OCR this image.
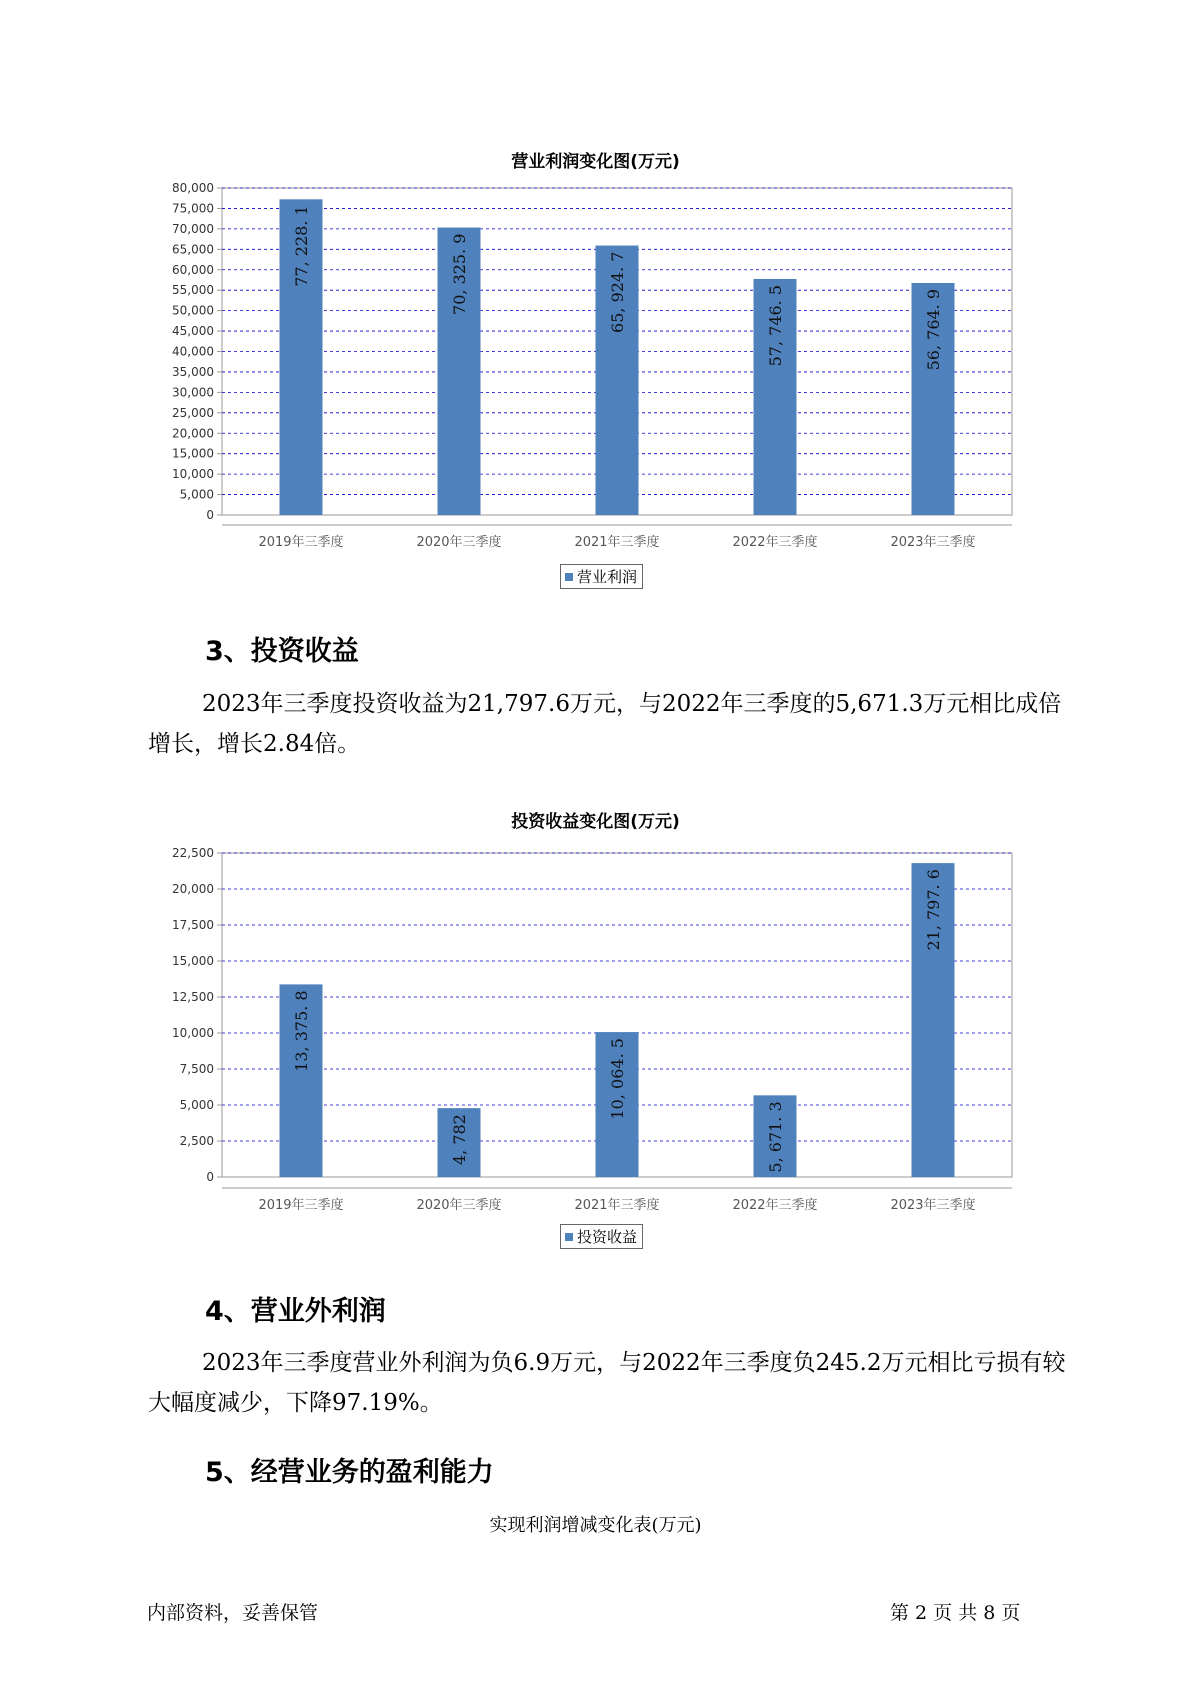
营业利润变化图(万元)
0
5,000
10,000
15,000
20,000
25,000
30,000
35,000
40,000
45,000
50,000
55,000
60,000
65,000
70,000
75,000
80,000
77, 228. 1
2019年三季度
70, 325. 9
2020年三季度
65, 924. 7
2021年三季度
57, 746. 5
2022年三季度
56, 764. 9
2023年三季度
营业利润
3、投资收益
2023年三季度投资收益为21,797.6万元，与2022年三季度的5,671.3万元相比成倍增长，增长2.84倍。
投资收益变化图(万元)
0
2,500
5,000
7,500
10,000
12,500
15,000
17,500
20,000
22,500
13, 375. 8
2019年三季度
4, 782
2020年三季度
10, 064. 5
2021年三季度
5, 671. 3
2022年三季度
21, 797. 6
2023年三季度
投资收益
4、营业外利润
2023年三季度营业外利润为负6.9万元，与2022年三季度负245.2万元相比亏损有较大幅度减少，下降97.19%。
5、经营业务的盈利能力
实现利润增减变化表(万元)
内部资料，妥善保管	第 2 页 共 8 页
